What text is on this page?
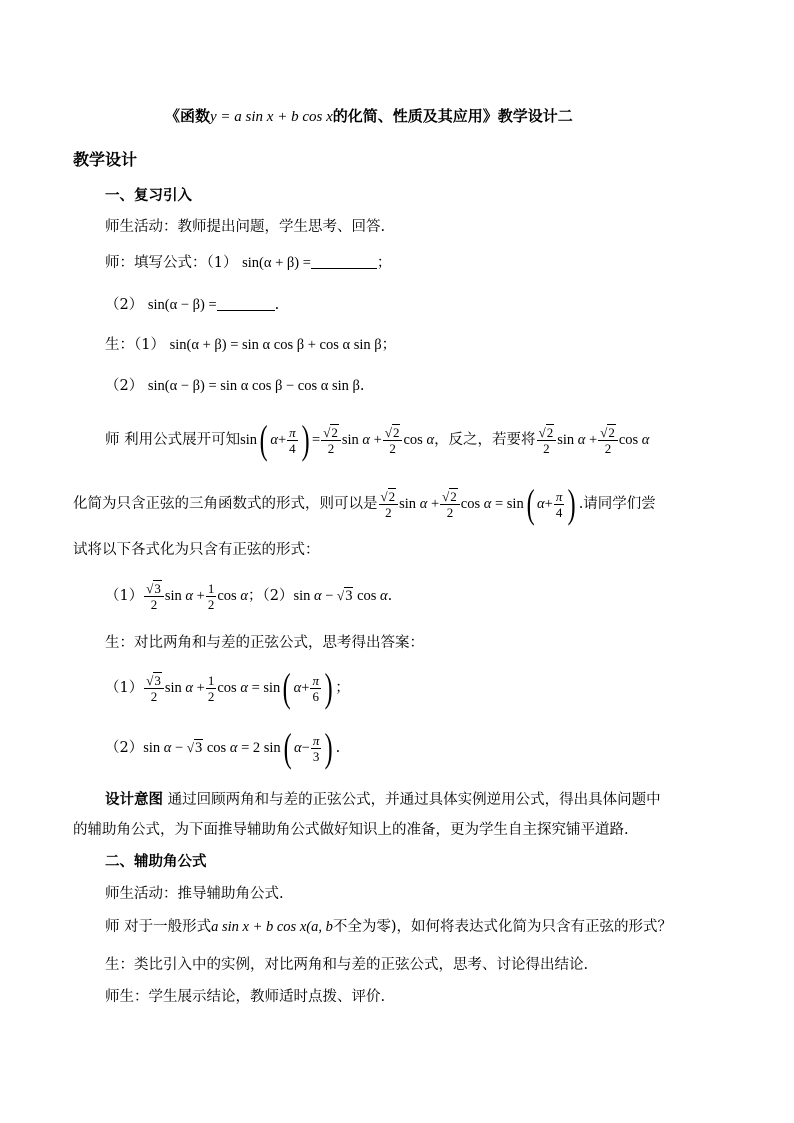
《函数y = a sin x + b cos x的化简、性质及其应用》教学设计二
教学设计
一、复习引入
师生活动：教师提出问题，学生思考、回答.
师：填写公式：（1） sin(α + β) =	；
（2） sin(α − β) =	.
生：（1） sin(α + β) = sin α cos β + cos α sin β；
（2） sin(α − β) = sin α cos β − cos α sin β.
师 利用公式展开可知sin( $\alpha+ \frac{\pi}{4}$ ) = $\frac{√2}{2}$ $\sin \alpha + \frac{√2}{2}$ cos α，反之，若要将 $\frac{√2}{2}$ $\sin \alpha + \frac{√2}{2}$ cos α
化简为只含正弦的三角函数式的形式，则可以是 $\frac{√2}{2}$ $\sin \alpha + \frac{√2}{2}$ cos α = sin( $\alpha+ \frac{\pi}{4}$ ) .请同学们尝
试将以下各式化为只含有正弦的形式：
$(1) \frac{√3}{2}$ $\sin \alpha + \frac{1}{2}$ cos α；（2）sin α − √3 cos α.
生：对比两角和与差的正弦公式，思考得出答案：
$(1) \frac{√3}{2}$ $\sin \alpha + \frac{1}{2}$ cos α = sin( $\alpha+ \frac{\pi}{6}$ ) ；
（2）sin α − √3 cos α = 2 sin( $\alpha- \frac{\pi}{3}$ ) .
设计意图 通过回顾两角和与差的正弦公式，并通过具体实例逆用公式，得出具体问题中
的辅助角公式，为下面推导辅助角公式做好知识上的准备，更为学生自主探究铺平道路.
二、辅助角公式
师生活动：推导辅助角公式.
师 对于一般形式a sin x + b cos x(a, b不全为零)，如何将表达式化简为只含有正弦的形式？
生：类比引入中的实例，对比两角和与差的正弦公式，思考、讨论得出结论.
师生：学生展示结论，教师适时点拨、评价.
